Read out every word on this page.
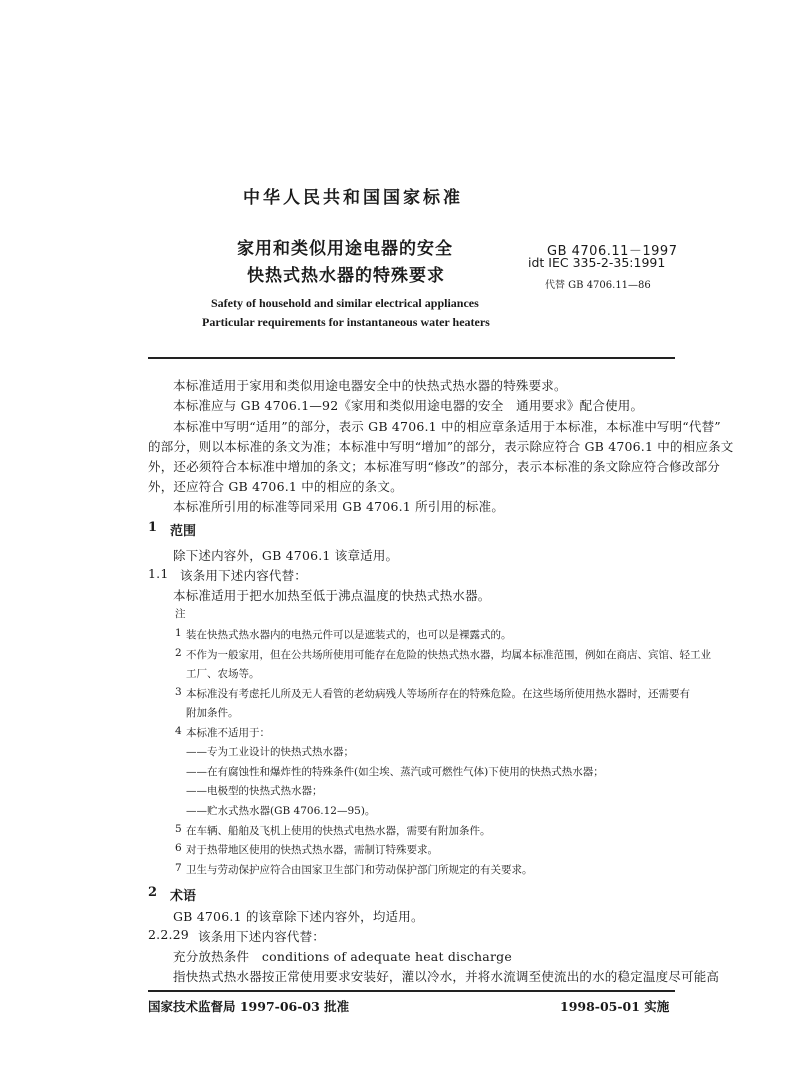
中华人民共和国国家标准
家用和类似用途电器的安全
快热式热水器的特殊要求
GB 4706.11－1997
idt IEC 335-2-35:1991
代替 GB 4706.11—86
Safety of household and similar electrical appliances
Particular requirements for instantaneous water heaters
本标准适用于家用和类似用途电器安全中的快热式热水器的特殊要求。
本标准应与 GB 4706.1—92《家用和类似用途电器的安全　通用要求》配合使用。
本标准中写明“适用”的部分，表示 GB 4706.1 中的相应章条适用于本标准，本标准中写明“代替”
的部分，则以本标准的条文为准；本标准中写明“增加”的部分，表示除应符合 GB 4706.1 中的相应条文
外，还必须符合本标准中增加的条文；本标准写明“修改”的部分，表示本标准的条文除应符合修改部分
外，还应符合 GB 4706.1 中的相应的条文。
本标准所引用的标准等同采用 GB 4706.1 所引用的标准。
1 范围
除下述内容外，GB 4706.1 该章适用。
1.1 该条用下述内容代替：
本标准适用于把水加热至低于沸点温度的快热式热水器。
注
1 装在快热式热水器内的电热元件可以是遮装式的，也可以是裸露式的。
2 不作为一般家用，但在公共场所使用可能存在危险的快热式热水器，均属本标准范围，例如在商店、宾馆、轻工业
工厂、农场等。
3 本标准没有考虑托儿所及无人看管的老幼病残人等场所存在的特殊危险。在这些场所使用热水器时，还需要有
附加条件。
4 本标准不适用于：
——专为工业设计的快热式热水器；
——在有腐蚀性和爆炸性的特殊条件(如尘埃、蒸汽或可燃性气体)下使用的快热式热水器；
——电极型的快热式热水器；
——贮水式热水器(GB 4706.12—95)。
5 在车辆、船舶及飞机上使用的快热式电热水器，需要有附加条件。
6 对于热带地区使用的快热式热水器，需制订特殊要求。
7 卫生与劳动保护应符合由国家卫生部门和劳动保护部门所规定的有关要求。
2 术语
GB 4706.1 的该章除下述内容外，均适用。
2.2.29 该条用下述内容代替：
充分放热条件　conditions of adequate heat discharge
指快热式热水器按正常使用要求安装好，灌以冷水，并将水流调至使流出的水的稳定温度尽可能高
国家技术监督局 1997-06-03 批准	1998-05-01 实施
